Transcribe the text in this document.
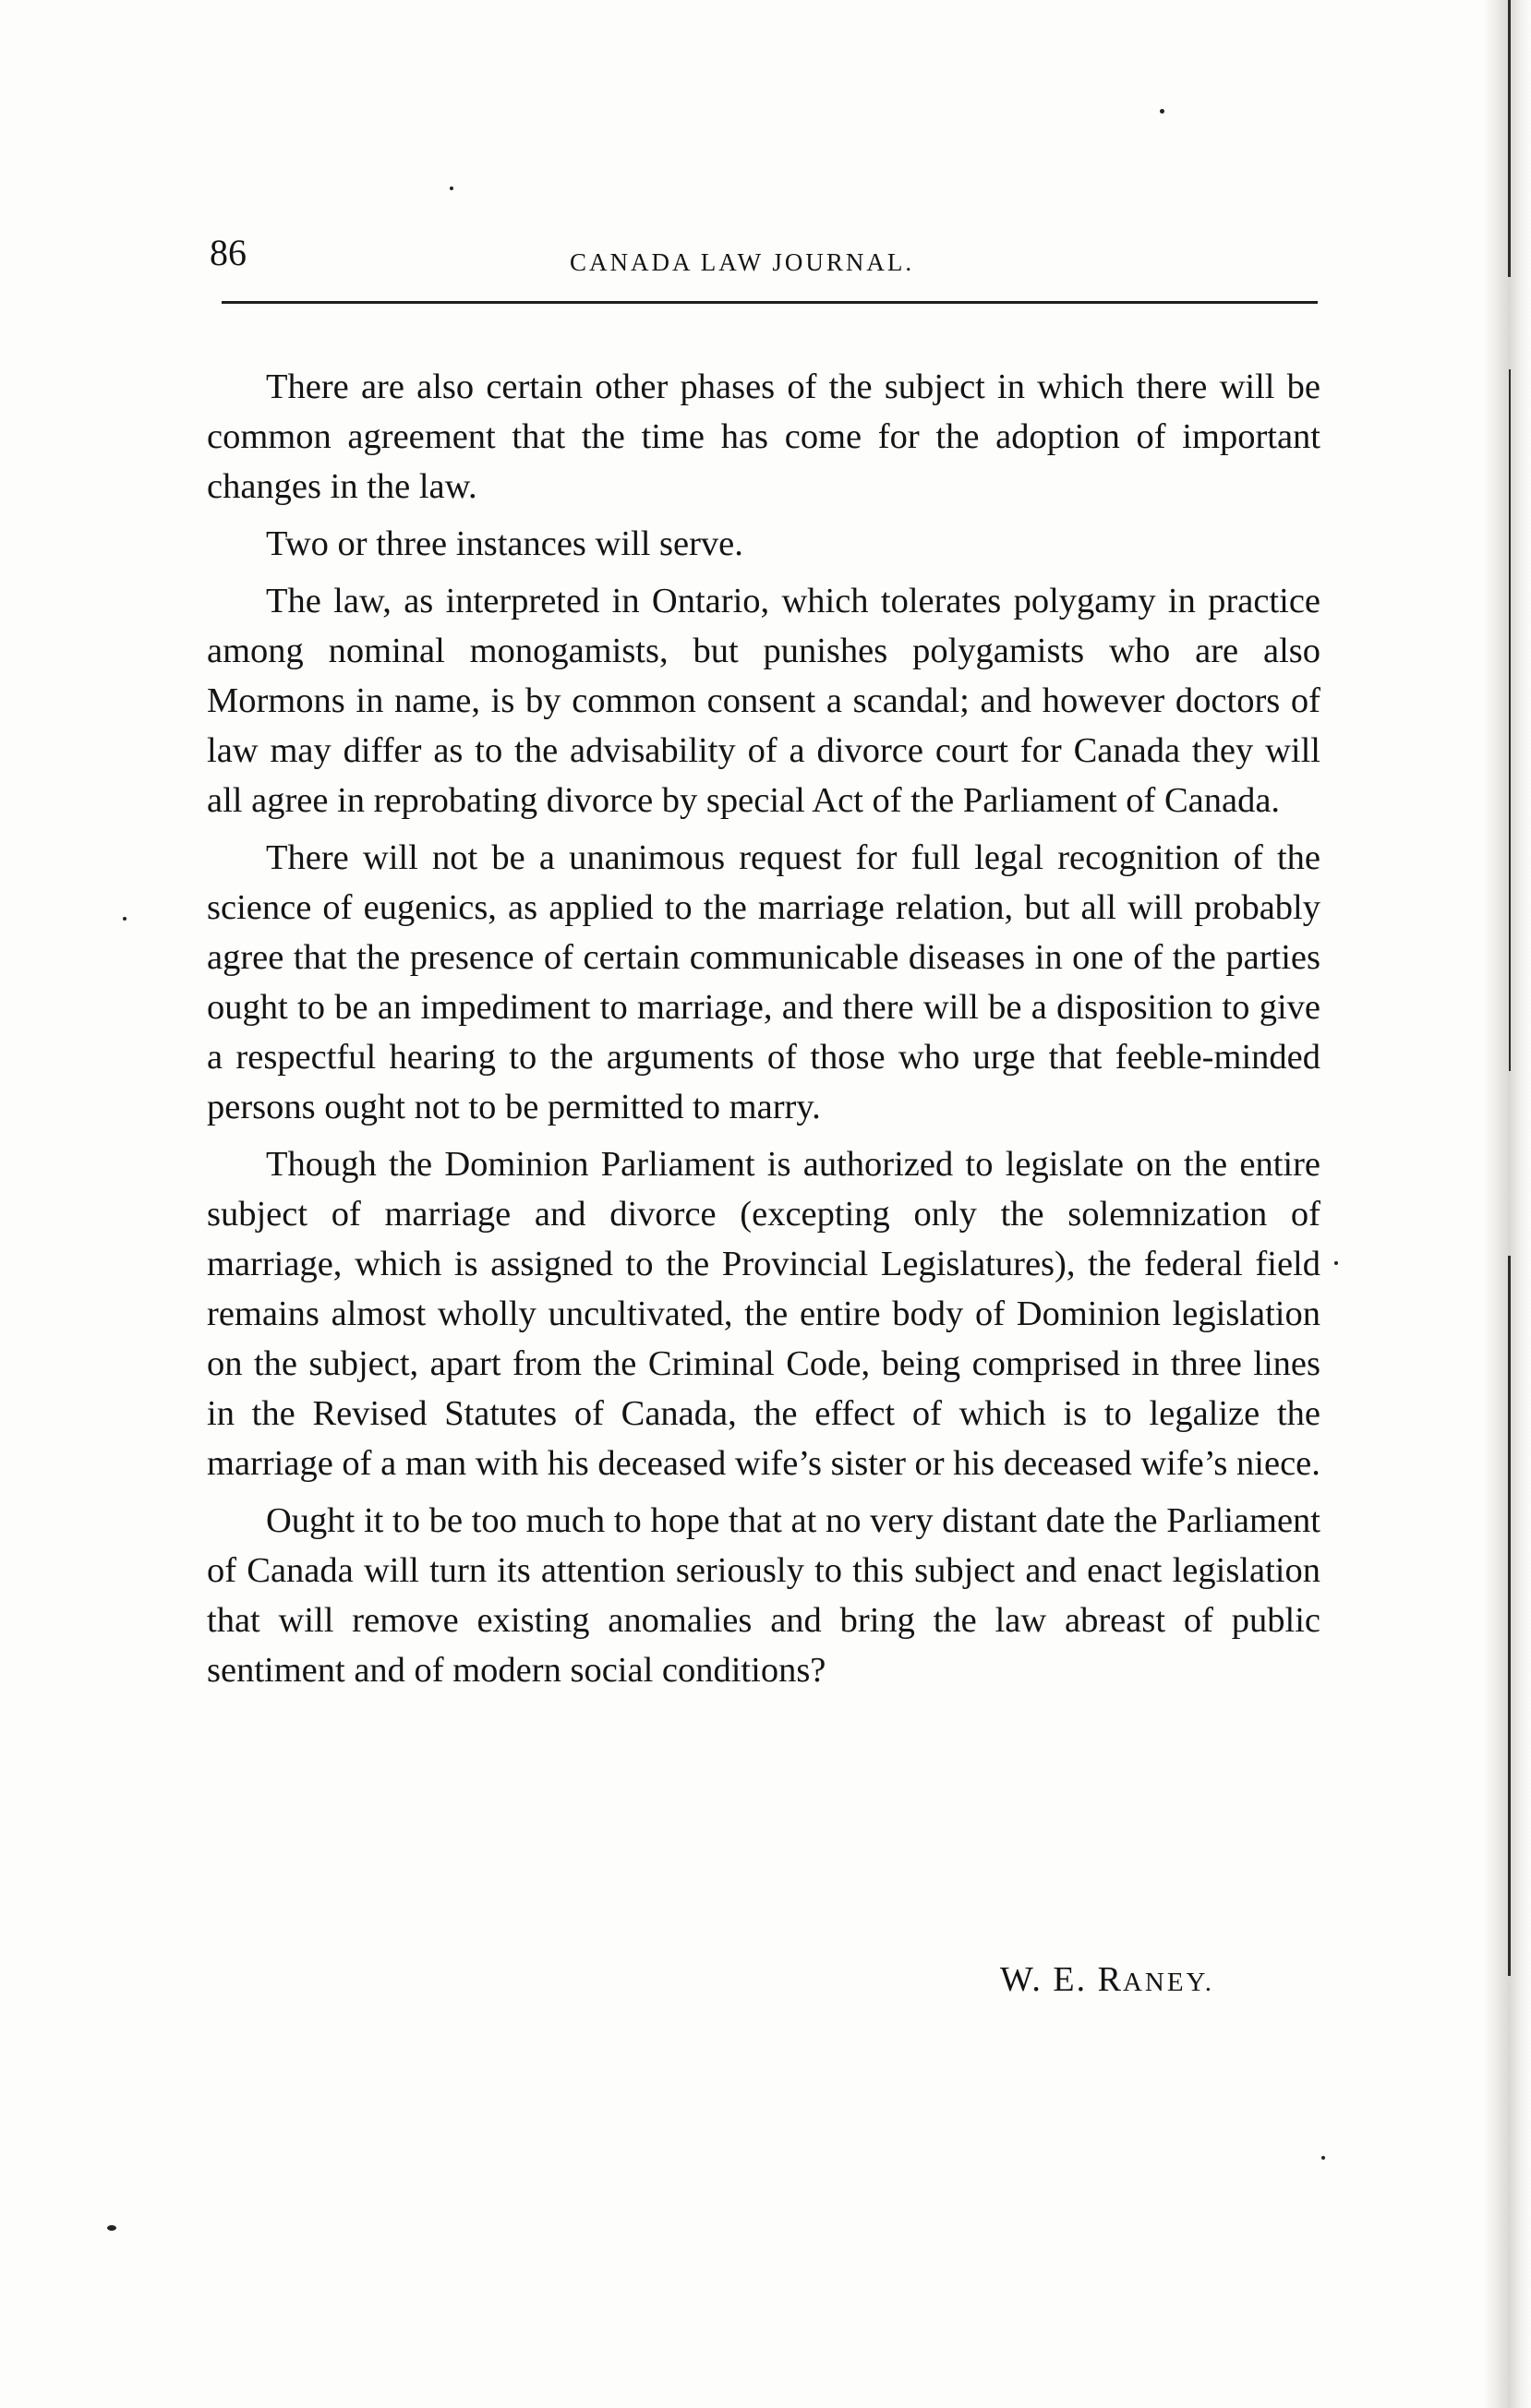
86	CANADA LAW JOURNAL.

There are also certain other phases of the subject in which there will be common agreement that the time has come for the adoption of important changes in the law.

Two or three instances will serve.

The law, as interpreted in Ontario, which tolerates polygamy in practice among nominal monogamists, but punishes polygamists who are also Mormons in name, is by common consent a scandal; and however doctors of law may differ as to the advisability of a divorce court for Canada they will all agree in reprobating divorce by special Act of the Parliament of Canada.

There will not be a unanimous request for full legal recognition of the science of eugenics, as applied to the marriage relation, but all will probably agree that the presence of certain communicable diseases in one of the parties ought to be an impediment to marriage, and there will be a disposition to give a respectful hearing to the arguments of those who urge that feeble-minded persons ought not to be permitted to marry.

Though the Dominion Parliament is authorized to legislate on the entire subject of marriage and divorce (excepting only the solemnization of marriage, which is assigned to the Provincial Legislatures), the federal field remains almost wholly uncultivated, the entire body of Dominion legislation on the subject, apart from the Criminal Code, being comprised in three lines in the Revised Statutes of Canada, the effect of which is to legalize the marriage of a man with his deceased wife’s sister or his deceased wife’s niece.

Ought it to be too much to hope that at no very distant date the Parliament of Canada will turn its attention seriously to this subject and enact legislation that will remove existing anomalies and bring the law abreast of public sentiment and of modern social conditions?

W. E. RANEY.
